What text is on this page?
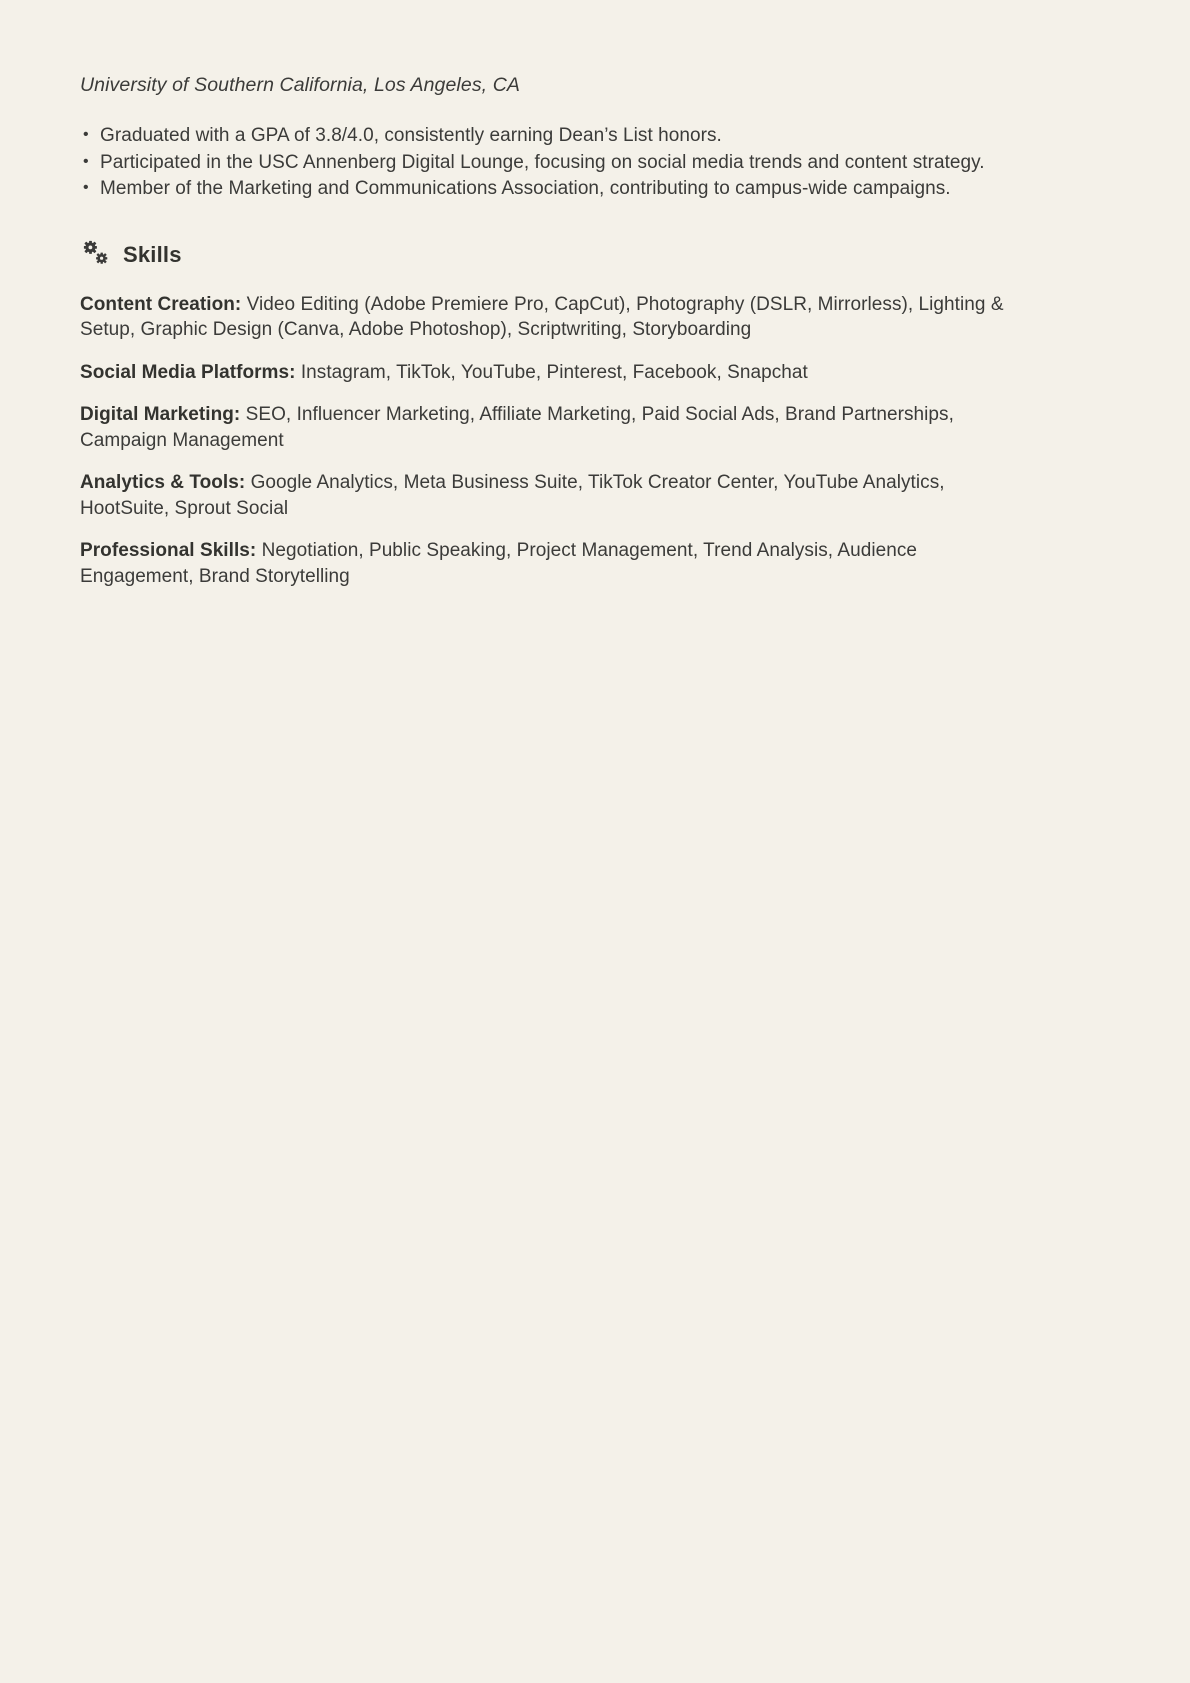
University of Southern California, Los Angeles, CA
• Graduated with a GPA of 3.8/4.0, consistently earning Dean’s List honors.
• Participated in the USC Annenberg Digital Lounge, focusing on social media trends and content strategy.
• Member of the Marketing and Communications Association, contributing to campus-wide campaigns.
Skills

Content Creation: Video Editing (Adobe Premiere Pro, CapCut), Photography (DSLR, Mirrorless), Lighting & Setup, Graphic Design (Canva, Adobe Photoshop), Scriptwriting, Storyboarding

Social Media Platforms: Instagram, TikTok, YouTube, Pinterest, Facebook, Snapchat

Digital Marketing: SEO, Influencer Marketing, Affiliate Marketing, Paid Social Ads, Brand Partnerships, Campaign Management

Analytics & Tools: Google Analytics, Meta Business Suite, TikTok Creator Center, YouTube Analytics, HootSuite, Sprout Social

Professional Skills: Negotiation, Public Speaking, Project Management, Trend Analysis, Audience Engagement, Brand Storytelling
